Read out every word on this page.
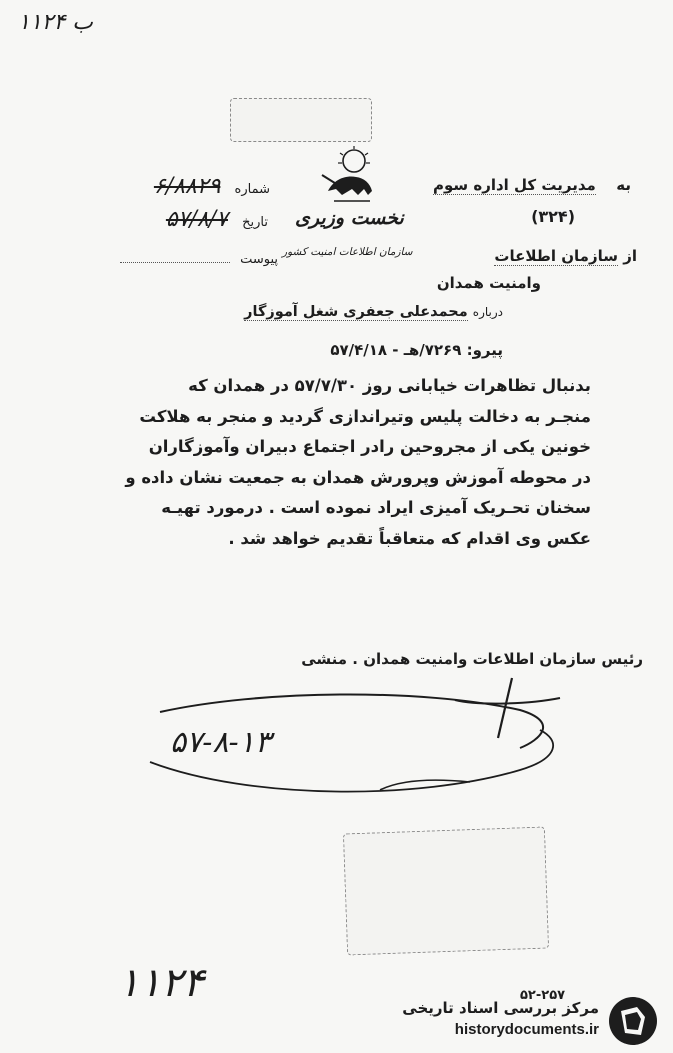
ب ۱۱۲۴
به  مدیریت کل اداره سوم
(۳۲۴)
از سازمان اطلاعات
وامنیت همدان
نخست وزیری
سازمان اطلاعات امنیت کشور
شماره ۶/۸۸۲۹
تاریخ ۵۷/۸/۷
پیوست
درباره محمدعلی جعفری شغل آموزگار
پیرو: ۷۲۶۹/هـ - ۵۷/۴/۱۸
بدنبال تظاهرات خیابانی روز ۵۷/۷/۳۰ در همدان که
منجـر به دخالت پلیس وتیراندازی گردید و منجر به هلاکت
خونین یکی از مجروحین رادر اجتماع دبیران وآموزگاران
در محوطه آموزش وپرورش همدان به جمعیت نشان داده و
سخنان تحـریک آمیزی ایراد نموده است . درمورد تهیـه
عکس وی اقدام که متعاقباً تقدیم خواهد شد .
رئیس سازمان اطلاعات وامنیت همدان . منشی
۵۷-۸-۱۳
۱۱۲۴	۵۲-۲۵۷
مرکز بررسی اسناد تاریخی
historydocuments.ir
